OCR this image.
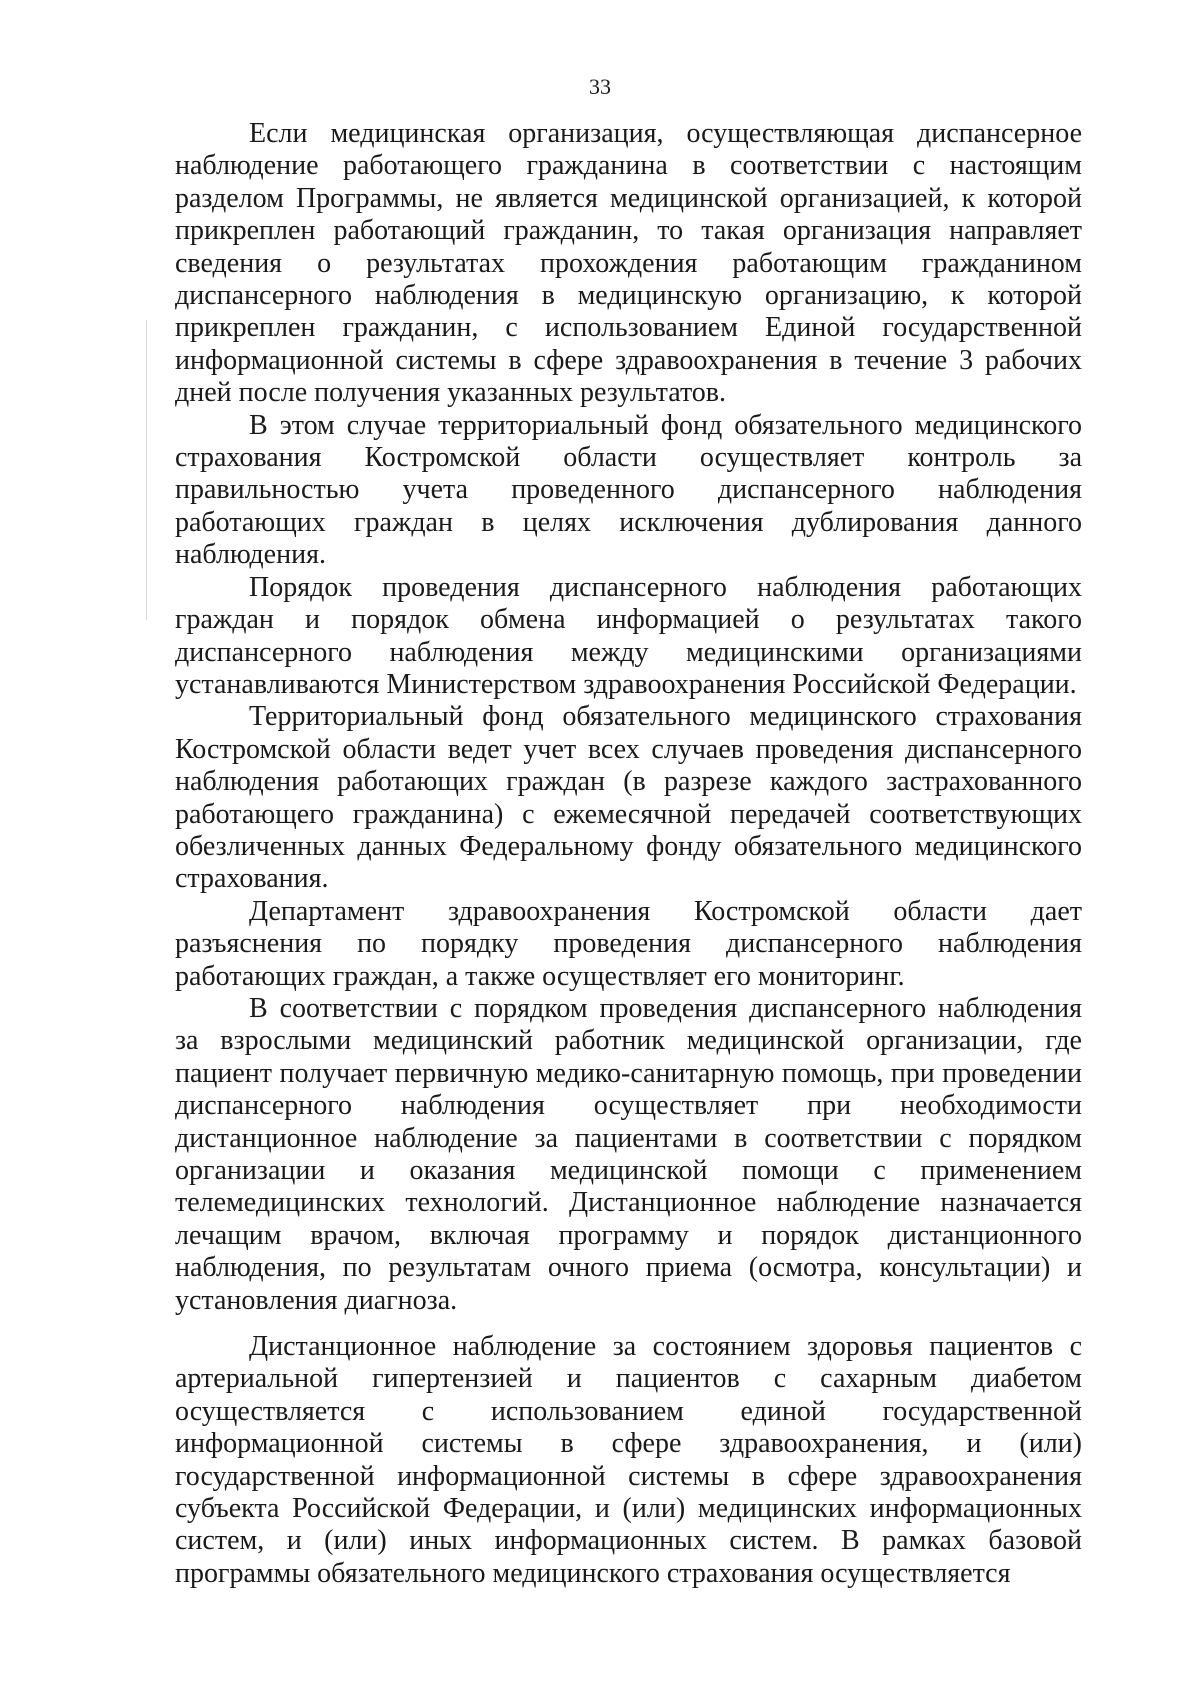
33

Если медицинская организация, осуществляющая диспансерное наблюдение работающего гражданина в соответствии с настоящим разделом Программы, не является медицинской организацией, к которой прикреплен работающий гражданин, то такая организация направляет сведения о результатах прохождения работающим гражданином диспансерного наблюдения в медицинскую организацию, к которой прикреплен гражданин, с использованием Единой государственной информационной системы в сфере здравоохранения в течение 3 рабочих дней после получения указанных результатов.

В этом случае территориальный фонд обязательного медицинского страхования Костромской области осуществляет контроль за правильностью учета проведенного диспансерного наблюдения работающих граждан в целях исключения дублирования данного наблюдения.

Порядок проведения диспансерного наблюдения работающих граждан и порядок обмена информацией о результатах такого диспансерного наблюдения между медицинскими организациями устанавливаются Министерством здравоохранения Российской Федерации.

Территориальный фонд обязательного медицинского страхования Костромской области ведет учет всех случаев проведения диспансерного наблюдения работающих граждан (в разрезе каждого застрахованного работающего гражданина) с ежемесячной передачей соответствующих обезличенных данных Федеральному фонду обязательного медицинского страхования.

Департамент здравоохранения Костромской области дает разъяснения по порядку проведения диспансерного наблюдения работающих граждан, а также осуществляет его мониторинг.

В соответствии с порядком проведения диспансерного наблюдения за взрослыми медицинский работник медицинской организации, где пациент получает первичную медико-санитарную помощь, при проведении диспансерного наблюдения осуществляет при необходимости дистанционное наблюдение за пациентами в соответствии с порядком организации и оказания медицинской помощи с применением телемедицинских технологий. Дистанционное наблюдение назначается лечащим врачом, включая программу и порядок дистанционного наблюдения, по результатам очного приема (осмотра, консультации) и установления диагноза.

Дистанционное наблюдение за состоянием здоровья пациентов с артериальной гипертензией и пациентов с сахарным диабетом осуществляется с использованием единой государственной информационной системы в сфере здравоохранения, и (или) государственной информационной системы в сфере здравоохранения субъекта Российской Федерации, и (или) медицинских информационных систем, и (или) иных информационных систем. В рамках базовой программы обязательного медицинского страхования осуществляется
